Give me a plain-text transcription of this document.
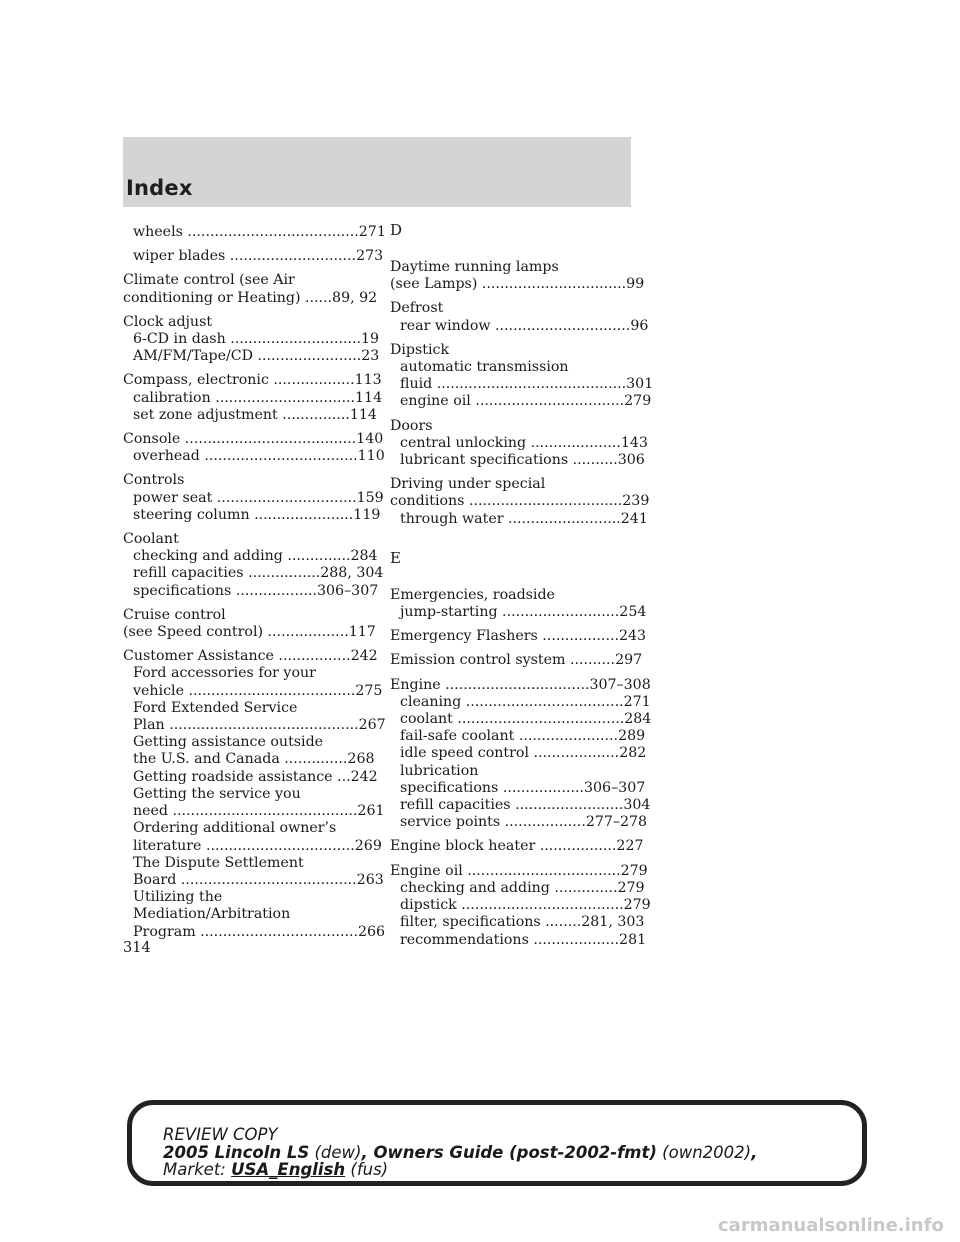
Index
wheels ......................................271
wiper blades ............................273
Climate control (see Air
conditioning or Heating) ......89, 92
Clock adjust
6-CD in dash .............................19
AM/FM/Tape/CD .......................23
Compass, electronic ..................113
calibration ...............................114
set zone adjustment ...............114
Console ......................................140
overhead ..................................110
Controls
power seat ...............................159
steering column ......................119
Coolant
checking and adding ..............284
refill capacities ................288, 304
specifications ..................306–307
Cruise control
(see Speed control) ..................117
Customer Assistance ................242
Ford accessories for your
vehicle .....................................275
Ford Extended Service
Plan ..........................................267
Getting assistance outside
the U.S. and Canada ..............268
Getting roadside assistance ...242
Getting the service you
need .........................................261
Ordering additional owner’s
literature .................................269
The Dispute Settlement
Board .......................................263
Utilizing the
Mediation/Arbitration
Program ...................................266
D
Daytime running lamps
(see Lamps) ................................99
Defrost
rear window ..............................96
Dipstick
automatic transmission
fluid ..........................................301
engine oil .................................279
Doors
central unlocking ....................143
lubricant specifications ..........306
Driving under special
conditions ..................................239
through water .........................241
E
Emergencies, roadside
jump-starting ..........................254
Emergency Flashers .................243
Emission control system ..........297
Engine ................................307–308
cleaning ...................................271
coolant .....................................284
fail-safe coolant ......................289
idle speed control ...................282
lubrication
specifications ..................306–307
refill capacities ........................304
service points ..................277–278
Engine block heater .................227
Engine oil ..................................279
checking and adding ..............279
dipstick ....................................279
filter, specifications ........281, 303
recommendations ...................281
314
REVIEW COPY
2005 Lincoln LS (dew), Owners Guide (post-2002-fmt) (own2002),
Market: USA_English (fus)
carmanualsonline.info
